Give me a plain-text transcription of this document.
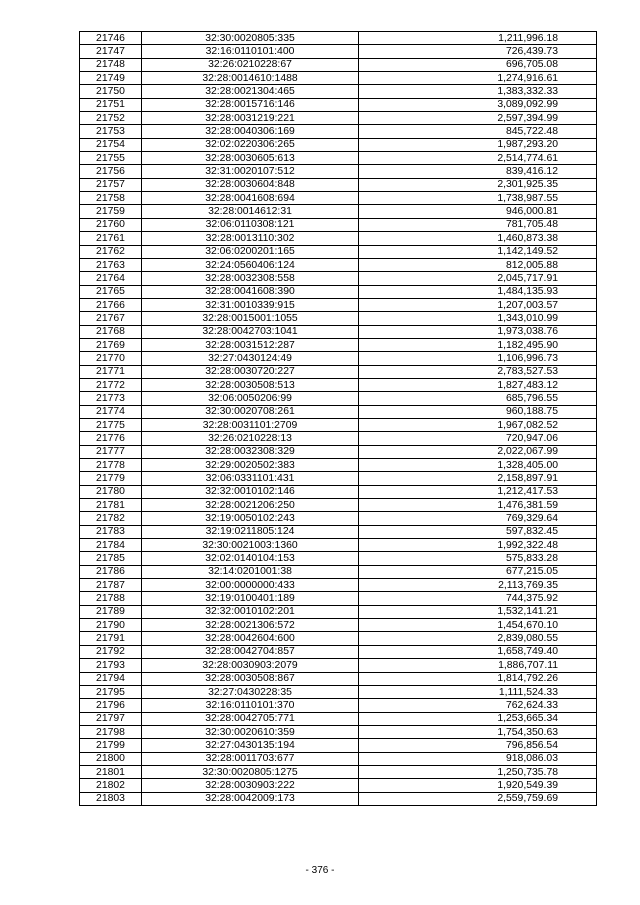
21746	32:30:0020805:335	1,211,996.18
21747	32:16:0110101:400	726,439.73
21748	32:26:0210228:67	696,705.08
21749	32:28:0014610:1488	1,274,916.61
21750	32:28:0021304:465	1,383,332.33
21751	32:28:0015716:146	3,089,092.99
21752	32:28:0031219:221	2,597,394.99
21753	32:28:0040306:169	845,722.48
21754	32:02:0220306:265	1,987,293.20
21755	32:28:0030605:613	2,514,774.61
21756	32:31:0020107:512	839,416.12
21757	32:28:0030604:848	2,301,925.35
21758	32:28:0041608:694	1,738,987.55
21759	32:28:0014612:31	946,000.81
21760	32:06:0110308:121	781,705.48
21761	32:28:0013110:302	1,460,873.38
21762	32:06:0200201:165	1,142,149.52
21763	32:24:0560406:124	812,005.88
21764	32:28:0032308:558	2,045,717.91
21765	32:28:0041608:390	1,484,135.93
21766	32:31:0010339:915	1,207,003.57
21767	32:28:0015001:1055	1,343,010.99
21768	32:28:0042703:1041	1,973,038.76
21769	32:28:0031512:287	1,182,495.90
21770	32:27:0430124:49	1,106,996.73
21771	32:28:0030720:227	2,783,527.53
21772	32:28:0030508:513	1,827,483.12
21773	32:06:0050206:99	685,796.55
21774	32:30:0020708:261	960,188.75
21775	32:28:0031101:2709	1,967,082.52
21776	32:26:0210228:13	720,947.06
21777	32:28:0032308:329	2,022,067.99
21778	32:29:0020502:383	1,328,405.00
21779	32:06:0331101:431	2,158,897.91
21780	32:32:0010102:146	1,212,417.53
21781	32:28:0021206:250	1,476,381.59
21782	32:19:0050102:243	769,329.64
21783	32:19:0211805:124	597,832.45
21784	32:30:0021003:1360	1,992,322.48
21785	32:02:0140104:153	575,833.28
21786	32:14:0201001:38	677,215.05
21787	32:00:0000000:433	2,113,769.35
21788	32:19:0100401:189	744,375.92
21789	32:32:0010102:201	1,532,141.21
21790	32:28:0021306:572	1,454,670.10
21791	32:28:0042604:600	2,839,080.55
21792	32:28:0042704:857	1,658,749.40
21793	32:28:0030903:2079	1,886,707.11
21794	32:28:0030508:867	1,814,792.26
21795	32:27:0430228:35	1,111,524.33
21796	32:16:0110101:370	762,624.33
21797	32:28:0042705:771	1,253,665.34
21798	32:30:0020610:359	1,754,350.63
21799	32:27:0430135:194	796,856.54
21800	32:28:0011703:677	918,086.03
21801	32:30:0020805:1275	1,250,735.78
21802	32:28:0030903:222	1,920,549.39
21803	32:28:0042009:173	2,559,759.69
- 376 -
